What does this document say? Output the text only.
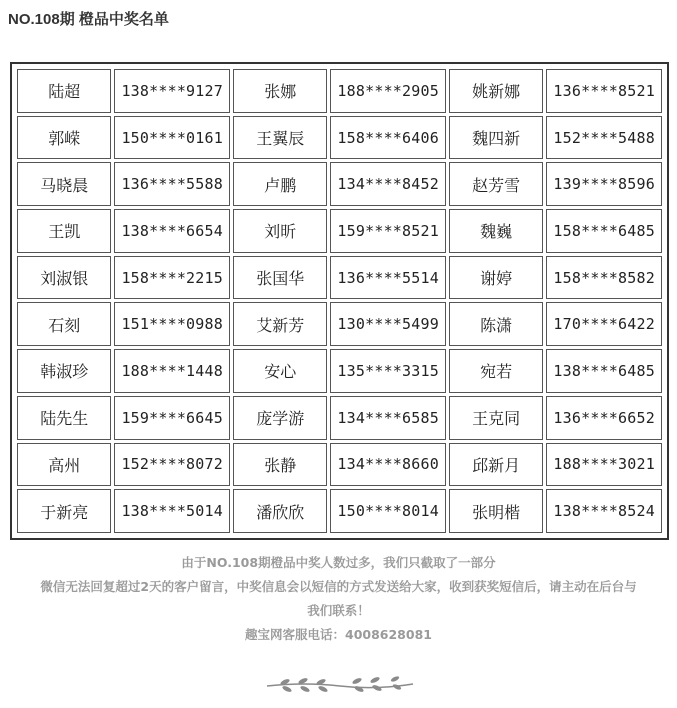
NO.108期 橙品中奖名单
陆超	138****9127	张娜	188****2905	姚新娜	136****8521
郭嵘	150****0161	王翼辰	158****6406	魏四新	152****5488
马晓晨	136****5588	卢鹏	134****8452	赵芳雪	139****8596
王凯	138****6654	刘昕	159****8521	魏巍	158****6485
刘淑银	158****2215	张国华	136****5514	谢婷	158****8582
石刻	151****0988	艾新芳	130****5499	陈潇	170****6422
韩淑珍	188****1448	安心	135****3315	宛若	138****6485
陆先生	159****6645	庞学游	134****6585	王克同	136****6652
高州	152****8072	张静	134****8660	邱新月	188****3021
于新亮	138****5014	潘欣欣	150****8014	张明楷	138****8524
由于NO.108期橙品中奖人数过多，我们只截取了一部分
微信无法回复超过2天的客户留言，中奖信息会以短信的方式发送给大家，收到获奖短信后，请主动在后台与
我们联系！
趣宝网客服电话：4008628081
